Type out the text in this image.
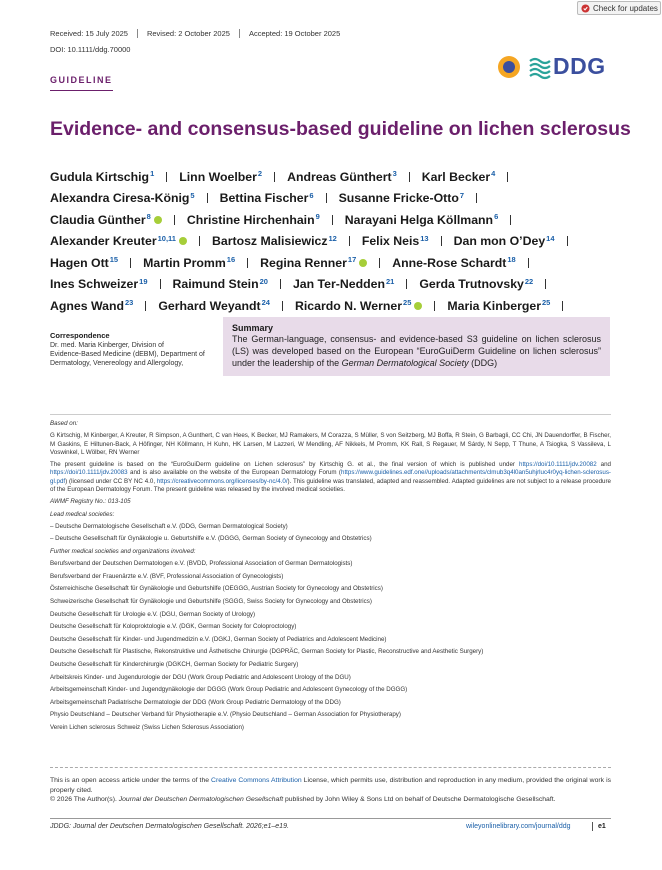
Check for updates
Received: 15 July 2025	Revised: 2 October 2025	Accepted: 19 October 2025
DOI: 10.1111/ddg.70000
GUIDELINE
DDG
Evidence- and consensus-based guideline on lichen sclerosus
Gudula Kirtschig$^1$ Linn Woelber$^2$ Andreas Günthert$^3$ Karl Becker$^4$
Alexandra Ciresa-König$^5$ Bettina Fischer$^6$ Susanne Fricke-Otto$^7$
Claudia Günther$^8$	Christine Hirchenhain$^9$ Narayani Helga Köllmann$^6$
Alexander Kreuter$^{10,11}$	Bartosz Malisiewicz$^{12}$ Felix Neis$^{13}$ Dan mon O’Dey$^{14}$
Hagen Ott$^{15}$ Martin Promm$^{16}$ Regina Renner$^{17}$	Anne-Rose Schardt$^{18}$
Ines Schweizer$^{19}$ Raimund Stein$^{20}$ Jan Ter-Nedden$^{21}$ Gerda Trutnovsky$^{22}$
Agnes Wand$^{23}$ Gerhard Weyandt$^{24}$ Ricardo N. Werner$^{25}$	Maria Kinberger$^{25}$
Correspondence
Dr. med. Maria Kinberger, Division of
Evidence-Based Medicine (dEBM), Department of
Dermatology, Venereology and Allergology,
Summary
The German-language, consensus- and evidence-based S3 guideline on lichen sclerosus (LS) was developed based on the European “EuroGuiDerm Guideline on lichen sclerosus” under the leadership of the German Dermatological Society (DDG)

Based on:

G Kirtschig, M Kinberger, A Kreuter, R Simpson, A Gunthert, C van Hees, K Becker, MJ Ramakers, M Corazza, S Müller, S von Seitzberg, MJ Boffa, R Stein, G Barbagli, CC Chi, JN Dauendorffer, B Fischer, M Gaskins, E Hiltunen-Back, A Höfinger, NH Köllmann, H Kuhn, HK Larsen, M Lazzeri, W Mendling, AF Nikkels, M Promm, KK Rall, S Regauer, M Sárdy, N Sepp, T Thune, A Tsiogka, S Vassileva, L Voswinkel, L Wölber, RN Werner

The present guideline is based on the “EuroGuiDerm guideline on Lichen sclerosus” by Kirtschig G. et al., the final version of which is published under https://doi/10.1111/jdv.20082 and https://doi/10.1111/jdv.20083 and is also available on the website of the European Dermatology Forum (https://www.guidelines.edf.one//uploads/attachments/clmub3q4l0an5uhjrluc4r0yq-lichen-sclerosus-gl.pdf) (licensed under CC BY NC 4.0, https://creativecommons.org/licenses/by-nc/4.0/). This guideline was translated, adapted and reassembled. Adapted guidelines are not subject to a release procedure of the European Dermatology Forum. The present guideline was released by the involved medical societies.

AWMF Registry No.: 013-105

Lead medical societies:

– Deutsche Dermatologische Gesellschaft e.V. (DDG, German Dermatological Society)

– Deutsche Gesellschaft für Gynäkologie u. Geburtshilfe e.V. (DGGG, German Society of Gynecology and Obstetrics)

Further medical societies and organizations involved:

Berufsverband der Deutschen Dermatologen e.V. (BVDD, Professional Association of German Dermatologists)

Berufsverband der Frauenärzte e.V. (BVF, Professional Association of Gynecologists)

Österreichische Gesellschaft für Gynäkologie und Geburtshilfe (OEGGG, Austrian Society for Gynecology and Obstetrics)

Schweizerische Gesellschaft für Gynäkologie und Geburtshilfe (SGGG, Swiss Society for Gynecology and Obstetrics)

Deutsche Gesellschaft für Urologie e.V. (DGU, German Society of Urology)

Deutsche Gesellschaft für Koloproktologie e.V. (DGK, German Society for Coloproctology)

Deutsche Gesellschaft für Kinder- und Jugendmedizin e.V. (DGKJ, German Society of Pediatrics and Adolescent Medicine)

Deutsche Gesellschaft für Plastische, Rekonstruktive und Ästhetische Chirurgie (DGPRÄC, German Society for Plastic, Reconstructive and Aesthetic Surgery)

Deutsche Gesellschaft für Kinderchirurgie (DGKCH, German Society for Pediatric Surgery)

Arbeitskreis Kinder- und Jugendurologie der DGU (Work Group Pediatric and Adolescent Urology of the DGU)

Arbeitsgemeinschaft Kinder- und Jugendgynäkologie der DGGG (Work Group Pediatric and Adolescent Gynecology of the DGGG)

Arbeitsgemeinschaft Padiatrische Dermatologie der DDG (Work Group Pediatric Dermatology of the DDG)

Physio Deutschland – Deutscher Verband für Physiotherapie e.V. (Physio Deutschland – German Association for Physiotherapy)

Verein Lichen sclerosus Schweiz (Swiss Lichen Sclerosus Association)

This is an open access article under the terms of the Creative Commons Attribution License, which permits use, distribution and reproduction in any medium, provided the original work is properly cited.

© 2026 The Author(s). Journal der Deutschen Dermatologischen Gesellschaft published by John Wiley & Sons Ltd on behalf of Deutsche Dermatologische Gesellschaft.

JDDG: Journal der Deutschen Dermatologischen Gesellschaft. 2026;e1–e19.	wileyonlinelibrary.com/journal/ddg	e1
